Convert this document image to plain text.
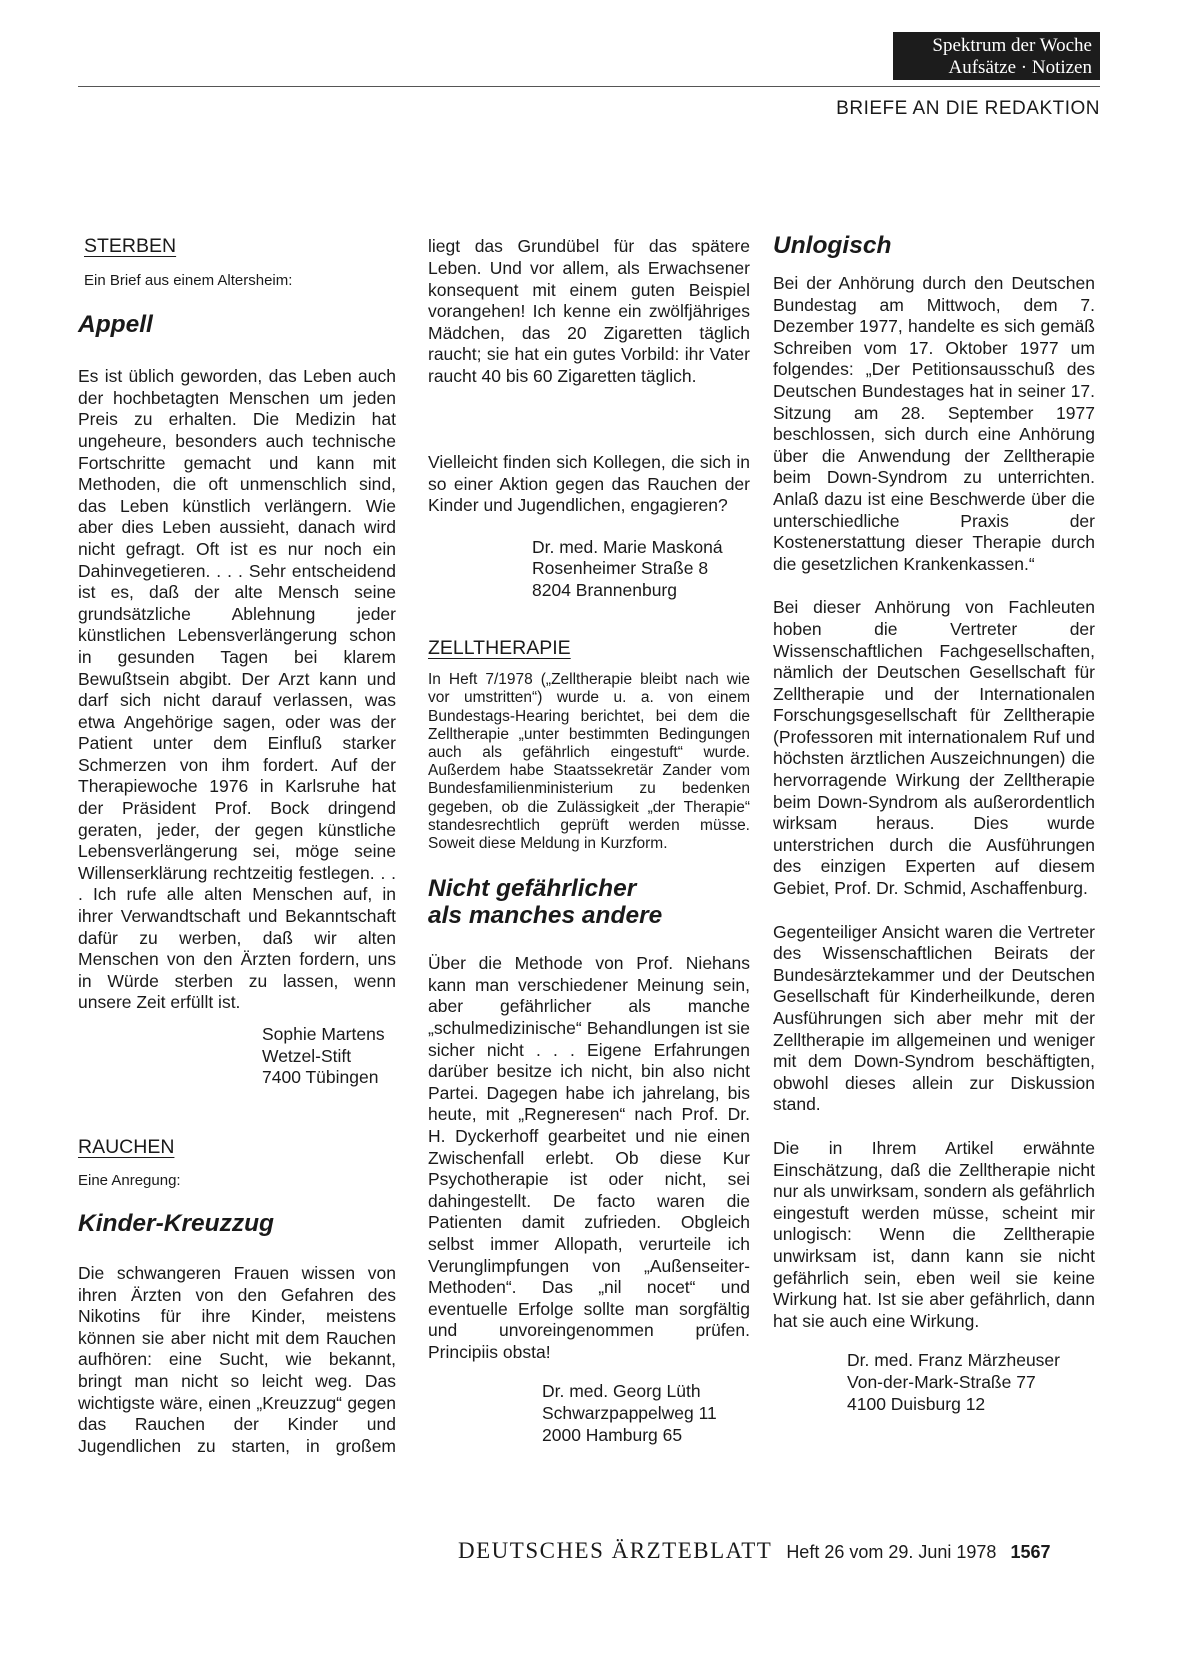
Spektrum der Woche
Aufsätze · Notizen
BRIEFE AN DIE REDAKTION
STERBEN
Ein Brief aus einem Altersheim:
Appell

Es ist üblich geworden, das Leben auch der hochbetagten Menschen um jeden Preis zu erhalten. Die Medizin hat ungeheure, besonders auch technische Fortschritte gemacht und kann mit Methoden, die oft unmenschlich sind, das Leben künstlich verlängern. Wie aber dies Leben aussieht, danach wird nicht gefragt. Oft ist es nur noch ein Dahinvegetieren. . . . Sehr entscheidend ist es, daß der alte Mensch seine grundsätzliche Ablehnung jeder künstlichen Lebensverlängerung schon in gesunden Tagen bei klarem Bewußtsein abgibt. Der Arzt kann und darf sich nicht darauf verlassen, was etwa Angehörige sagen, oder was der Patient unter dem Einfluß starker Schmerzen von ihm fordert. Auf der Therapiewoche 1976 in Karlsruhe hat der Präsident Prof. Bock dringend geraten, jeder, der gegen künstliche Lebensverlängerung sei, möge seine Willenserklärung rechtzeitig festlegen. . . . Ich rufe alle alten Menschen auf, in ihrer Verwandtschaft und Bekanntschaft dafür zu werben, daß wir alten Menschen von den Ärzten fordern, uns in Würde sterben zu lassen, wenn unsere Zeit erfüllt ist.

Sophie Martens
Wetzel-Stift
7400 Tübingen

RAUCHEN
Eine Anregung:
Kinder-Kreuzzug

Die schwangeren Frauen wissen von ihren Ärzten von den Gefahren des Nikotins für ihre Kinder, meistens können sie aber nicht mit dem Rauchen aufhören: eine Sucht, wie bekannt, bringt man nicht so leicht weg. Das wichtigste wäre, einen „Kreuzzug“ gegen das Rauchen der Kinder und Jugendlichen zu starten, in großem

liegt das Grundübel für das spätere Leben. Und vor allem, als Erwachsener konsequent mit einem guten Beispiel vorangehen! Ich kenne ein zwölfjähriges Mädchen, das 20 Zigaretten täglich raucht; sie hat ein gutes Vorbild: ihr Vater raucht 40 bis 60 Zigaretten täglich.

Vielleicht finden sich Kollegen, die sich in so einer Aktion gegen das Rauchen der Kinder und Jugendlichen, engagieren?

Dr. med. Marie Maskoná
Rosenheimer Straße 8
8204 Brannenburg

ZELLTHERAPIE

In Heft 7/1978 („Zelltherapie bleibt nach wie vor umstritten“) wurde u. a. von einem Bundestags-Hearing berichtet, bei dem die Zelltherapie „unter bestimmten Bedingungen auch als gefährlich eingestuft“ wurde. Außerdem habe Staatssekretär Zander vom Bundesfamilienministerium zu bedenken gegeben, ob die Zulässigkeit „der Therapie“ standesrechtlich geprüft werden müsse. Soweit diese Meldung in Kurzform.

Nicht gefährlicher
als manches andere

Über die Methode von Prof. Niehans kann man verschiedener Meinung sein, aber gefährlicher als manche „schulmedizinische“ Behandlungen ist sie sicher nicht . . . Eigene Erfahrungen darüber besitze ich nicht, bin also nicht Partei. Dagegen habe ich jahrelang, bis heute, mit „Regneresen“ nach Prof. Dr. H. Dyckerhoff gearbeitet und nie einen Zwischenfall erlebt. Ob diese Kur Psychotherapie ist oder nicht, sei dahingestellt. De facto waren die Patienten damit zufrieden. Obgleich selbst immer Allopath, verurteile ich Verunglimpfungen von „Außenseiter-Methoden“. Das „nil nocet“ und eventuelle Erfolge sollte man sorgfältig und unvoreingenommen prüfen. Principiis obsta!

Dr. med. Georg Lüth
Schwarzpappelweg 11
2000 Hamburg 65

Unlogisch

Bei der Anhörung durch den Deutschen Bundestag am Mittwoch, dem 7. Dezember 1977, handelte es sich gemäß Schreiben vom 17. Oktober 1977 um folgendes: „Der Petitionsausschuß des Deutschen Bundestages hat in seiner 17. Sitzung am 28. September 1977 beschlossen, sich durch eine Anhörung über die Anwendung der Zelltherapie beim Down-Syndrom zu unterrichten. Anlaß dazu ist eine Beschwerde über die unterschiedliche Praxis der Kostenerstattung dieser Therapie durch die gesetzlichen Krankenkassen.“

Bei dieser Anhörung von Fachleuten hoben die Vertreter der Wissenschaftlichen Fachgesellschaften, nämlich der Deutschen Gesellschaft für Zelltherapie und der Internationalen Forschungsgesellschaft für Zelltherapie (Professoren mit internationalem Ruf und höchsten ärztlichen Auszeichnungen) die hervorragende Wirkung der Zelltherapie beim Down-Syndrom als außerordentlich wirksam heraus. Dies wurde unterstrichen durch die Ausführungen des einzigen Experten auf diesem Gebiet, Prof. Dr. Schmid, Aschaffenburg.

Gegenteiliger Ansicht waren die Vertreter des Wissenschaftlichen Beirats der Bundesärztekammer und der Deutschen Gesellschaft für Kinderheilkunde, deren Ausführungen sich aber mehr mit der Zelltherapie im allgemeinen und weniger mit dem Down-Syndrom beschäftigten, obwohl dieses allein zur Diskussion stand.

Die in Ihrem Artikel erwähnte Einschätzung, daß die Zelltherapie nicht nur als unwirksam, sondern als gefährlich eingestuft werden müsse, scheint mir unlogisch: Wenn die Zelltherapie unwirksam ist, dann kann sie nicht gefährlich sein, eben weil sie keine Wirkung hat. Ist sie aber gefährlich, dann hat sie auch eine Wirkung.

Dr. med. Franz Märzheuser
Von-der-Mark-Straße 77
4100 Duisburg 12

DEUTSCHES ÄRZTEBLATT Heft 26 vom 29. Juni 1978 1567
